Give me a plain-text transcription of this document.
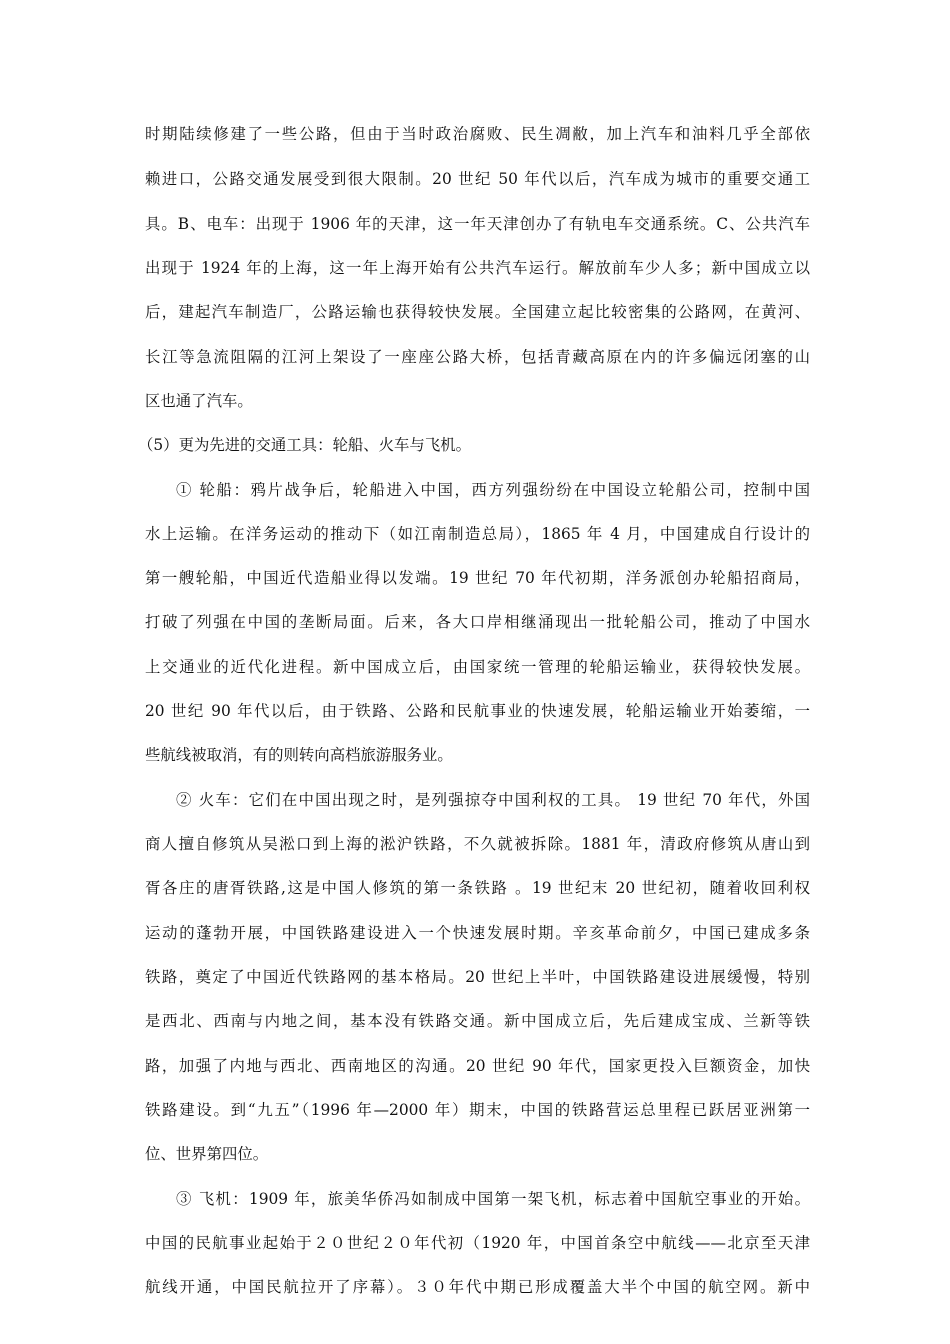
时期陆续修建了一些公路，但由于当时政治腐败、民生凋敝，加上汽车和油料几乎全部依
赖进口，公路交通发展受到很大限制。20 世纪 50 年代以后，汽车成为城市的重要交通工
具。B、电车：出现于 1906 年的天津，这一年天津创办了有轨电车交通系统。C、公共汽车
出现于 1924 年的上海，这一年上海开始有公共汽车运行。解放前车少人多；新中国成立以
后，建起汽车制造厂，公路运输也获得较快发展。全国建立起比较密集的公路网，在黄河、
长江等急流阻隔的江河上架设了一座座公路大桥，包括青藏高原在内的许多偏远闭塞的山
区也通了汽车。
（5）更为先进的交通工具：轮船、火车与飞机。
① 轮船：鸦片战争后，轮船进入中国，西方列强纷纷在中国设立轮船公司，控制中国
水上运输。在洋务运动的推动下（如江南制造总局），1865 年 4 月，中国建成自行设计的
第一艘轮船，中国近代造船业得以发端。19 世纪 70 年代初期，洋务派创办轮船招商局，
打破了列强在中国的垄断局面。后来，各大口岸相继涌现出一批轮船公司，推动了中国水
上交通业的近代化进程。新中国成立后，由国家统一管理的轮船运输业，获得较快发展。
20 世纪 90 年代以后，由于铁路、公路和民航事业的快速发展，轮船运输业开始萎缩，一
些航线被取消，有的则转向高档旅游服务业。
② 火车：它们在中国出现之时，是列强掠夺中国利权的工具。 19 世纪 70 年代，外国
商人擅自修筑从吴淞口到上海的淞沪铁路，不久就被拆除。1881 年，清政府修筑从唐山到
胥各庄的唐胥铁路,这是中国人修筑的第一条铁路 。19 世纪末 20 世纪初，随着收回利权
运动的蓬勃开展，中国铁路建设进入一个快速发展时期。辛亥革命前夕，中国已建成多条
铁路，奠定了中国近代铁路网的基本格局。20 世纪上半叶，中国铁路建设进展缓慢，特别
是西北、西南与内地之间，基本没有铁路交通。新中国成立后，先后建成宝成、兰新等铁
路，加强了内地与西北、西南地区的沟通。20 世纪 90 年代，国家更投入巨额资金，加快
铁路建设。到“九五”（1996 年—2000 年）期末，中国的铁路营运总里程已跃居亚洲第一
位、世界第四位。
③ 飞机：1909 年，旅美华侨冯如制成中国第一架飞机，标志着中国航空事业的开始。
中国的民航事业起始于２０世纪２０年代初（1920 年，中国首条空中航线——北京至天津
航线开通，中国民航拉开了序幕）。３０年代中期已形成覆盖大半个中国的航空网。新中
